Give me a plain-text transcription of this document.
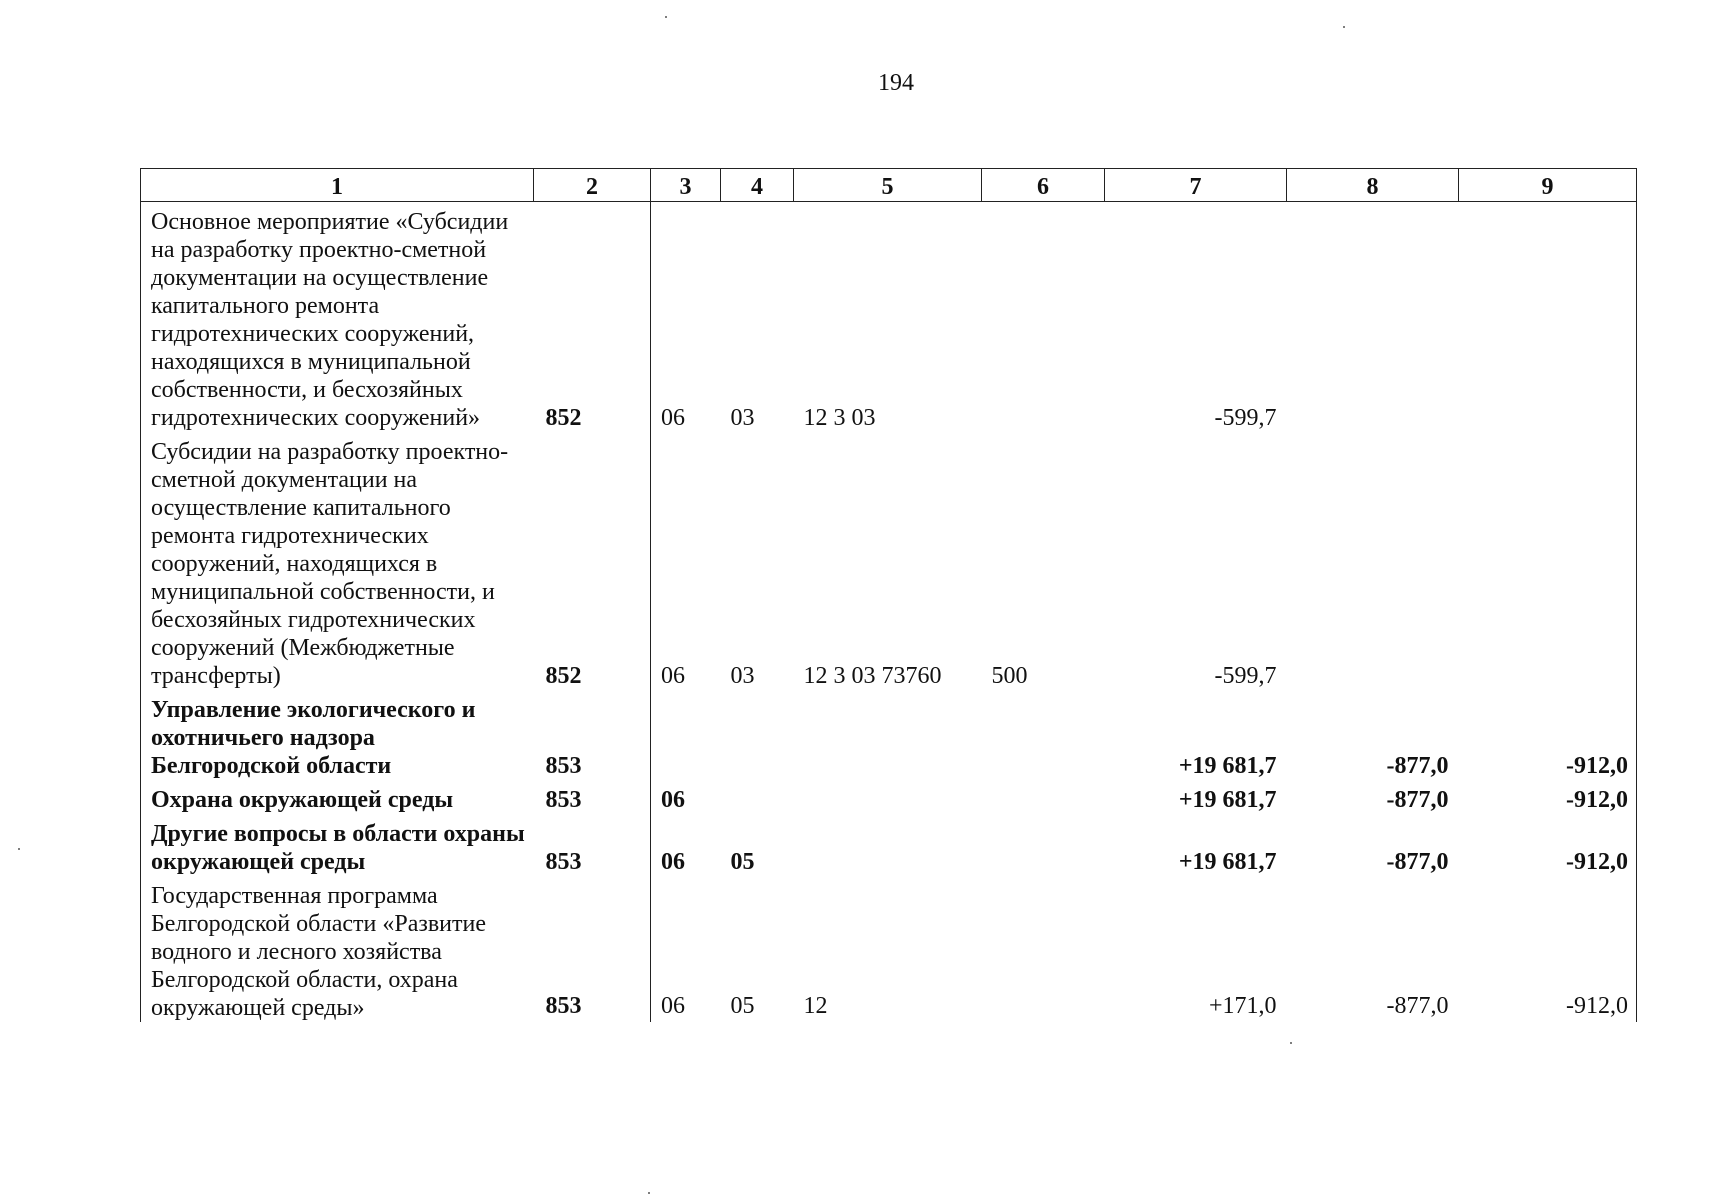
194
1	2	3	4	5	6	7	8	9
Основное мероприятие «Субсидии на разработку проектно-сметной документации на осуществление капитального ремонта гидротехнических сооружений, находящихся в муниципальной собственности, и бесхозяйных гидротехнических сооружений»	852	06	03	12 3 03		-599,7		
Субсидии на разработку проектно-сметной документации на осуществление капитального ремонта гидротехнических сооружений, находящихся в муниципальной собственности, и бесхозяйных гидротехнических сооружений (Межбюджетные трансферты)	852	06	03	12 3 03 73760	500	-599,7		
Управление экологического и охотничьего надзора Белгородской области	853					+19 681,7	-877,0	-912,0
Охрана окружающей среды	853	06				+19 681,7	-877,0	-912,0
Другие вопросы в области охраны окружающей среды	853	06	05			+19 681,7	-877,0	-912,0
Государственная программа Белгородской области «Развитие водного и лесного хозяйства Белгородской области, охрана окружающей среды»	853	06	05	12		+171,0	-877,0	-912,0
